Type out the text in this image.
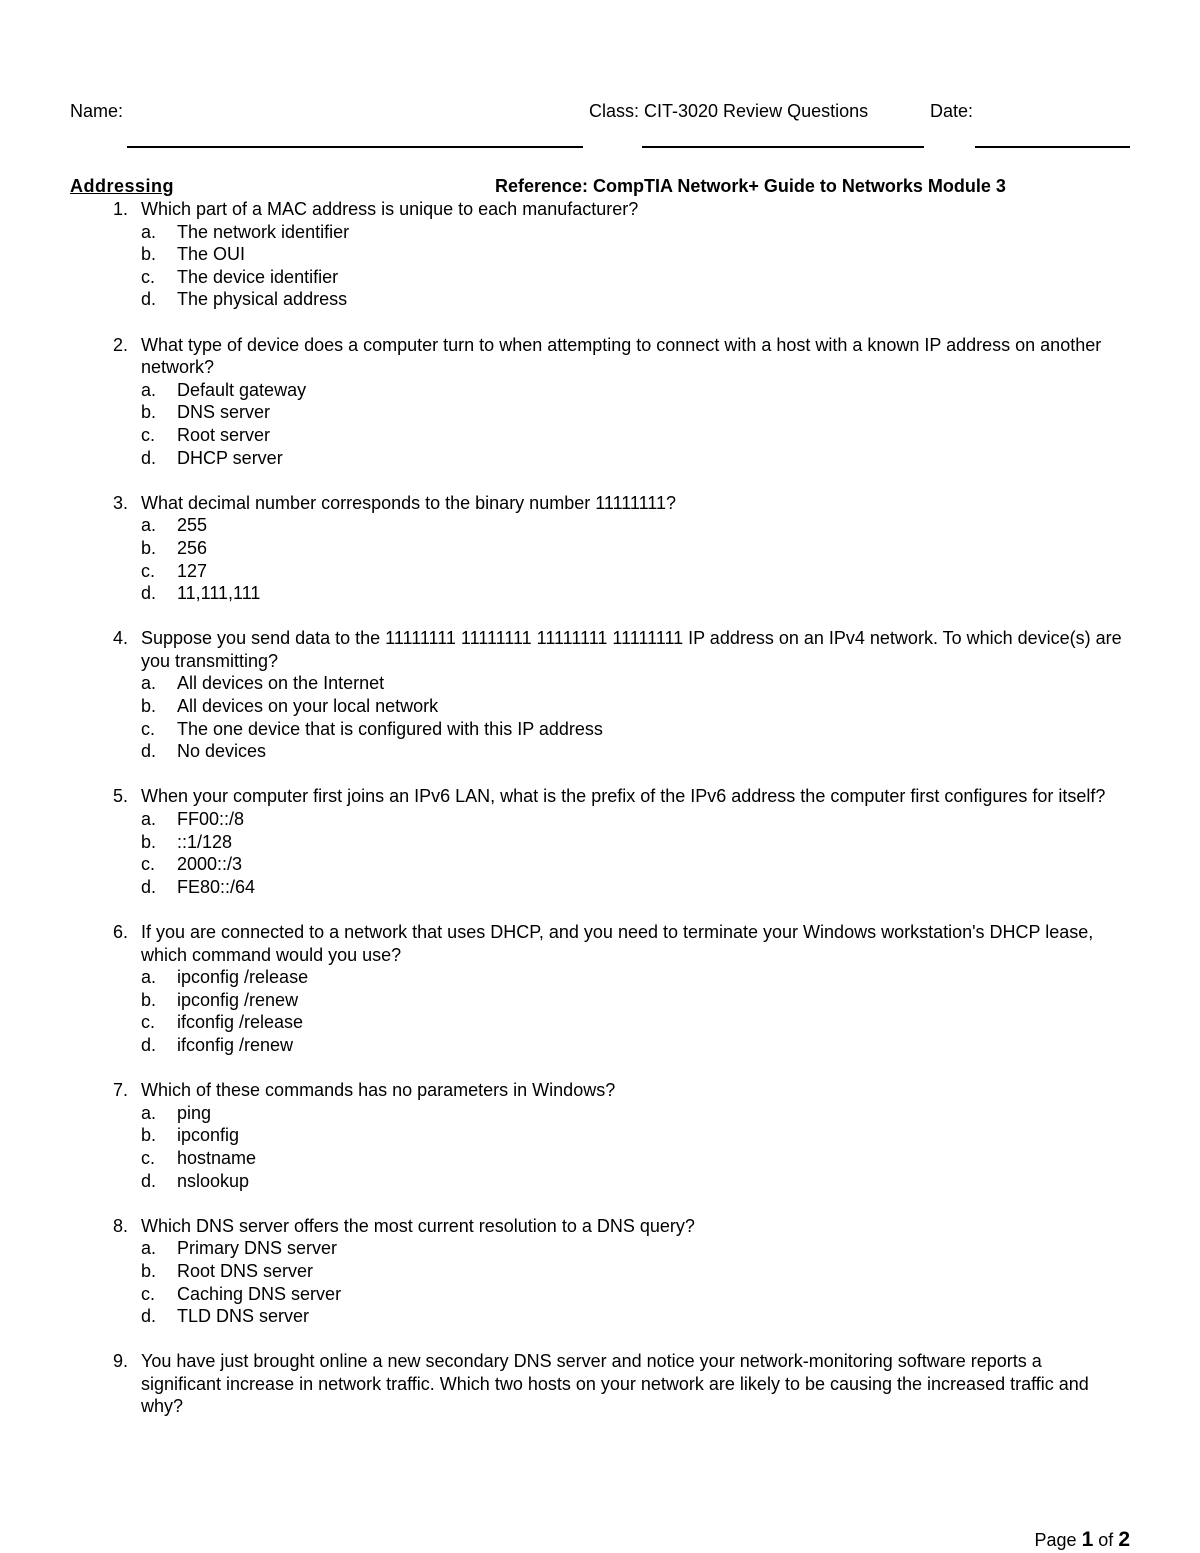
Name:	Class: CIT-3020 Review Questions	Date:
Addressing	Reference: CompTIA Network+ Guide to Networks Module 3
1. Which part of a MAC address is unique to each manufacturer?
a. The network identifier
b. The OUI
c. The device identifier
d. The physical address
2. What type of device does a computer turn to when attempting to connect with a host with a known IP address on another network?
a. Default gateway
b. DNS server
c. Root server
d. DHCP server
3. What decimal number corresponds to the binary number 11111111?
a. 255
b. 256
c. 127
d. 11,111,111
4. Suppose you send data to the 11111111 11111111 11111111 11111111 IP address on an IPv4 network. To which device(s) are you transmitting?
a. All devices on the Internet
b. All devices on your local network
c. The one device that is configured with this IP address
d. No devices
5. When your computer first joins an IPv6 LAN, what is the prefix of the IPv6 address the computer first configures for itself?
a. FF00::/8
b. ::1/128
c. 2000::/3
d. FE80::/64
6. If you are connected to a network that uses DHCP, and you need to terminate your Windows workstation's DHCP lease, which command would you use?
a. ipconfig /release
b. ipconfig /renew
c. ifconfig /release
d. ifconfig /renew
7. Which of these commands has no parameters in Windows?
a. ping
b. ipconfig
c. hostname
d. nslookup
8. Which DNS server offers the most current resolution to a DNS query?
a. Primary DNS server
b. Root DNS server
c. Caching DNS server
d. TLD DNS server
9. You have just brought online a new secondary DNS server and notice your network-monitoring software reports a significant increase in network traffic. Which two hosts on your network are likely to be causing the increased traffic and why?
Page 1 of 2
